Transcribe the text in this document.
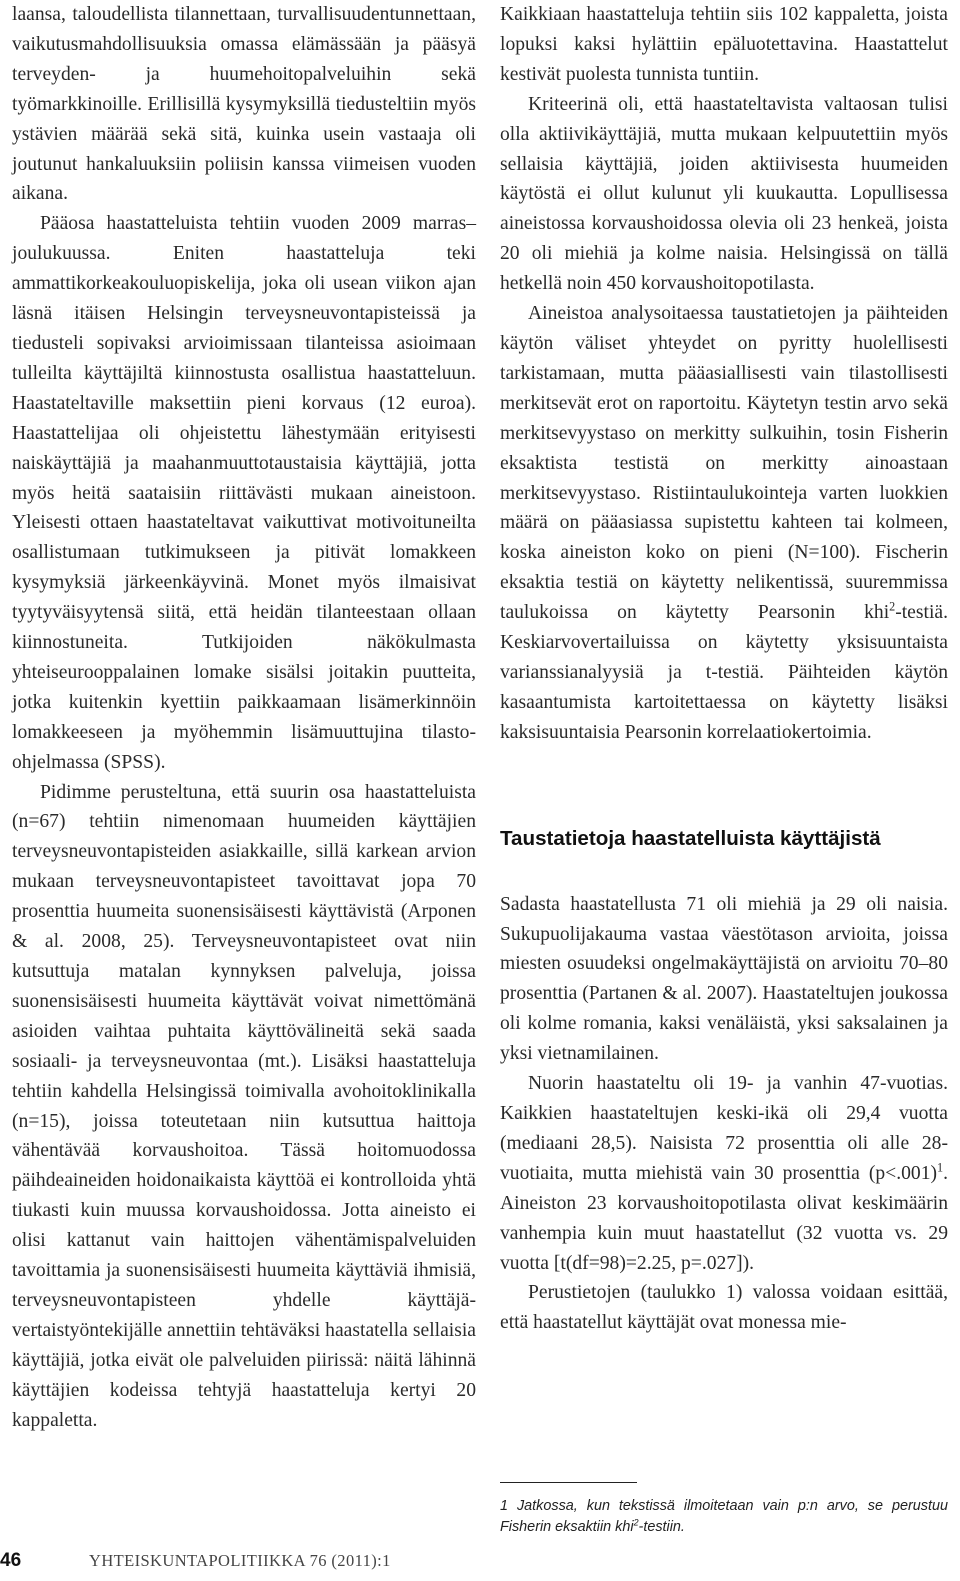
laansa, taloudellista tilannettaan, turvallisuudentunnettaan, vaikutusmahdollisuuksia omassa elämässään ja pääsyä terveyden- ja huumehoitopalveluihin sekä työmarkkinoille. Erillisillä kysymyksillä tiedusteltiin myös ystävien määrää sekä sitä, kuinka usein vastaaja oli joutunut hankaluuksiin poliisin kanssa viimeisen vuoden aikana.

Pääosa haastatteluista tehtiin vuoden 2009 marras–joulukuussa. Eniten haastatteluja teki ammattikorkeakouluopiskelija, joka oli usean viikon ajan läsnä itäisen Helsingin terveysneuvontapisteissä ja tiedusteli sopivaksi arvioimissaan tilanteissa asioimaan tulleilta käyttäjiltä kiinnostusta osallistua haastatteluun. Haastateltaville maksettiin pieni korvaus (12 euroa). Haastattelijaa oli ohjeistettu lähestymään erityisesti naiskäyttäjiä ja maahanmuuttotaustaisia käyttäjiä, jotta myös heitä saataisiin riittävästi mukaan aineistoon. Yleisesti ottaen haastateltavat vaikuttivat motivoituneilta osallistumaan tutkimukseen ja pitivät lomakkeen kysymyksiä järkeenkäyvinä. Monet myös ilmaisivat tyytyväisyytensä siitä, että heidän tilanteestaan ollaan kiinnostuneita. Tutkijoiden näkökulmasta yhteiseurooppalainen lomake sisälsi joitakin puutteita, jotka kuitenkin kyettiin paikkaamaan lisämerkinnöin lomakkeeseen ja myöhemmin lisämuuttujina tilasto-ohjelmassa (SPSS).

Pidimme perusteltuna, että suurin osa haastatteluista (n=67) tehtiin nimenomaan huumeiden käyttäjien terveysneuvontapisteiden asiakkaille, sillä karkean arvion mukaan terveysneuvontapisteet tavoittavat jopa 70 prosenttia huumeita suonensisäisesti käyttävistä (Arponen & al. 2008, 25). Terveysneuvontapisteet ovat niin kutsuttuja matalan kynnyksen palveluja, joissa suonensisäisesti huumeita käyttävät voivat nimettömänä asioiden vaihtaa puhtaita käyttövälineitä sekä saada sosiaali- ja terveysneuvontaa (mt.). Lisäksi haastatteluja tehtiin kahdella Helsingissä toimivalla avohoitoklinikalla (n=15), joissa toteutetaan niin kutsuttua haittoja vähentävää korvaushoitoa. Tässä hoitomuodossa päihdeaineiden hoidonaikaista käyttöä ei kontrolloida yhtä tiukasti kuin muussa korvaushoidossa. Jotta aineisto ei olisi kattanut vain haittojen vähentämispalveluiden tavoittamia ja suonensisäisesti huumeita käyttäviä ihmisiä, terveysneuvontapisteen yhdelle käyttäjä-vertaistyöntekijälle annettiin tehtäväksi haastatella sellaisia käyttäjiä, jotka eivät ole palveluiden piirissä: näitä lähinnä käyttäjien kodeissa tehtyjä haastatteluja kertyi 20 kappaletta.

Kaikkiaan haastatteluja tehtiin siis 102 kappaletta, joista lopuksi kaksi hylättiin epäluotettavina. Haastattelut kestivät puolesta tunnista tuntiin.

Kriteerinä oli, että haastateltavista valtaosan tulisi olla aktiivikäyttäjiä, mutta mukaan kelpuutettiin myös sellaisia käyttäjiä, joiden aktiivisesta huumeiden käytöstä ei ollut kulunut yli kuukautta. Lopullisessa aineistossa korvaushoidossa olevia oli 23 henkeä, joista 20 oli miehiä ja kolme naisia. Helsingissä on tällä hetkellä noin 450 korvaushoitopotilasta.

Aineistoa analysoitaessa taustatietojen ja päihteiden käytön väliset yhteydet on pyritty huolellisesti tarkistamaan, mutta pääasiallisesti vain tilastollisesti merkitsevät erot on raportoitu. Käytetyn testin arvo sekä merkitsevyystaso on merkitty sulkuihin, tosin Fisherin eksaktista testistä on merkitty ainoastaan merkitsevyystaso. Ristiintaulukointeja varten luokkien määrä on pääasiassa supistettu kahteen tai kolmeen, koska aineiston koko on pieni (N=100). Fischerin eksaktia testiä on käytetty nelikentissä, suuremmissa taulukoissa on käytetty Pearsonin khi$^2$-testiä. Keskiarvovertailuissa on käytetty yksisuuntaista varianssianalyysiä ja t-testiä. Päihteiden käytön kasaantumista kartoitettaessa on käytetty lisäksi kaksisuuntaisia Pearsonin korrelaatiokertoimia.

Taustatietoja haastatelluista käyttäjistä

Sadasta haastatellusta 71 oli miehiä ja 29 oli naisia. Sukupuolijakauma vastaa väestötason arvioita, joissa miesten osuudeksi ongelmakäyttäjistä on arvioitu 70–80 prosenttia (Partanen & al. 2007). Haastateltujen joukossa oli kolme romania, kaksi venäläistä, yksi saksalainen ja yksi vietnamilainen.

Nuorin haastateltu oli 19- ja vanhin 47-vuotias. Kaikkien haastateltujen keski-ikä oli 29,4 vuotta (mediaani 28,5). Naisista 72 prosenttia oli alle 28-vuotiaita, mutta miehistä vain 30 prosenttia (p<.001)$^1$. Aineiston 23 korvaushoitopotilasta olivat keskimäärin vanhempia kuin muut haastatellut (32 vuotta vs. 29 vuotta [t(df=98)=2.25, p=.027]).

Perustietojen (taulukko 1) valossa voidaan esittää, että haastatellut käyttäjät ovat monessa mie-

1 Jatkossa, kun tekstissä ilmoitetaan vain p:n arvo, se perustuu Fisherin eksaktiin khi$^2$-testiin.
46	YHTEISKUNTAPOLITIIKKA 76 (2011):1
